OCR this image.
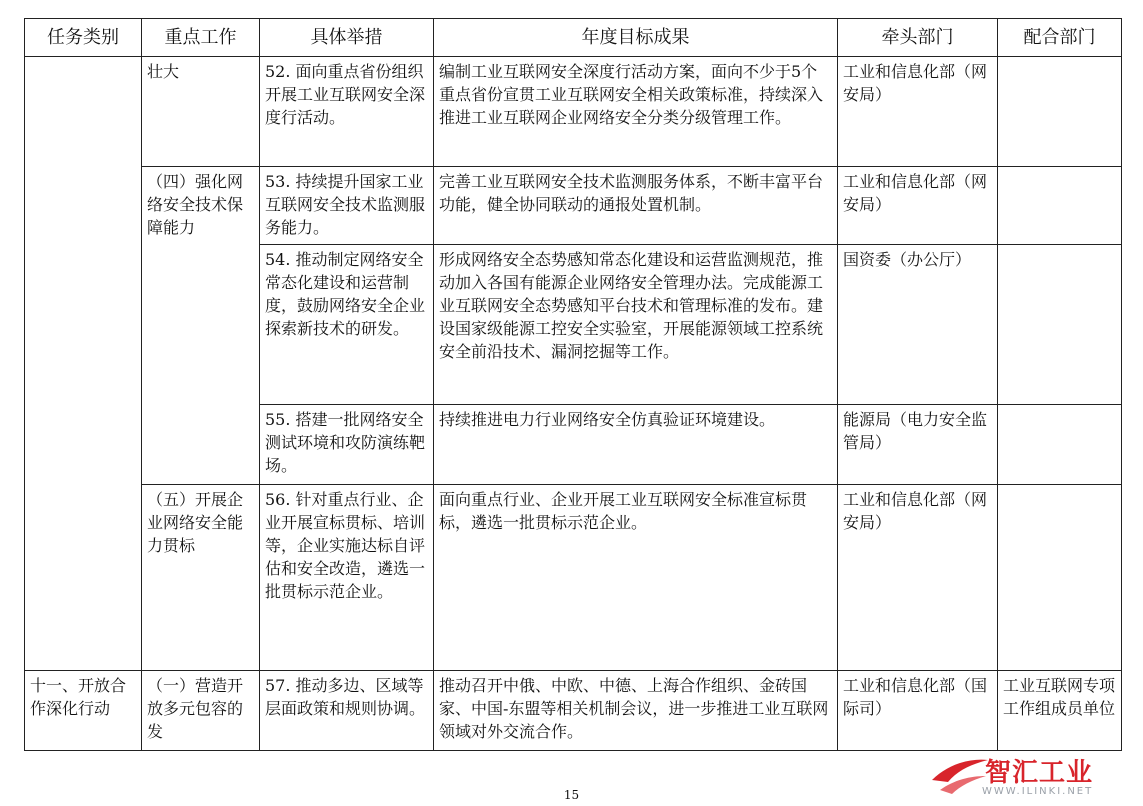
任务类别	重点工作	具体举措	年度目标成果	牵头部门	配合部门
	壮大	52. 面向重点省份组织开展工业互联网安全深度行活动。	编制工业互联网安全深度行活动方案，面向不少于5个重点省份宣贯工业互联网安全相关政策标准，持续深入推进工业互联网企业网络安全分类分级管理工作。	工业和信息化部（网安局）	
	（四）强化网络安全技术保障能力	53. 持续提升国家工业互联网安全技术监测服务能力。	完善工业互联网安全技术监测服务体系，不断丰富平台功能，健全协同联动的通报处置机制。	工业和信息化部（网安局）	
		54. 推动制定网络安全常态化建设和运营制度，鼓励网络安全企业探索新技术的研发。	形成网络安全态势感知常态化建设和运营监测规范，推动加入各国有能源企业网络安全管理办法。完成能源工业互联网安全态势感知平台技术和管理标准的发布。建设国家级能源工控安全实验室，开展能源领域工控系统安全前沿技术、漏洞挖掘等工作。	国资委（办公厅）	
		55. 搭建一批网络安全测试环境和攻防演练靶场。	持续推进电力行业网络安全仿真验证环境建设。	能源局（电力安全监管局）	
	（五）开展企业网络安全能力贯标	56. 针对重点行业、企业开展宣标贯标、培训等，企业实施达标自评估和安全改造，遴选一批贯标示范企业。	面向重点行业、企业开展工业互联网安全标准宣标贯标，遴选一批贯标示范企业。	工业和信息化部（网安局）	
十一、开放合作深化行动	（一）营造开放多元包容的发	57. 推动多边、区域等层面政策和规则协调。	推动召开中俄、中欧、中德、上海合作组织、金砖国家、中国-东盟等相关机制会议，进一步推进工业互联网领域对外交流合作。	工业和信息化部（国际司）	工业互联网专项工作组成员单位
15
智汇工业
WWW.ILINKI.NET
